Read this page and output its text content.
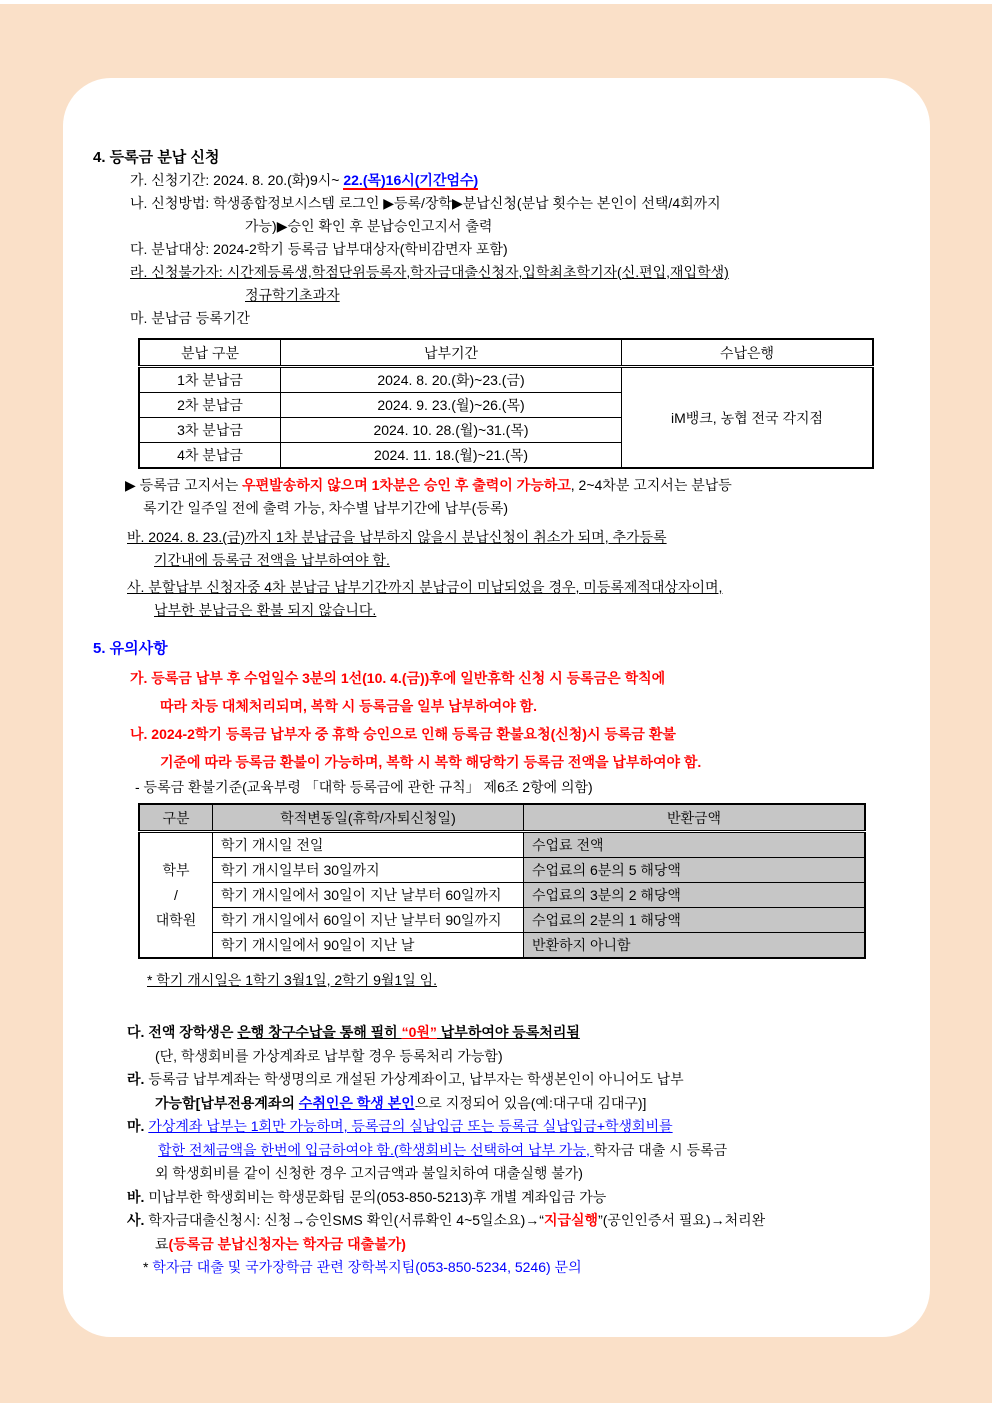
4. 등록금 분납 신청
가. 신청기간: 2024. 8. 20.(화)9시~ 22.(목)16시(기간엄수)
나. 신청방법: 학생종합정보시스템 로그인 ▶등록/장학▶분납신청(분납 횟수는 본인이 선택/4회까지
가능)▶승인 확인 후 분납승인고지서 출력
다. 분납대상: 2024-2학기 등록금 납부대상자(학비감면자 포함)
라. 신청불가자: 시간제등록생,학점단위등록자,학자금대출신청자,입학최초학기자(신.편입,재입학생)
정규학기초과자
마. 분납금 등록기간
분납 구분	납부기간	수납은행
1차 분납금	2024. 8. 20.(화)~23.(금)	iM뱅크, 농협 전국 각지점
2차 분납금	2024. 9. 23.(월)~26.(목)	
3차 분납금	2024. 10. 28.(월)~31.(목)	
4차 분납금	2024. 11. 18.(월)~21.(목)	
▶ 등록금 고지서는 우편발송하지 않으며 1차분은 승인 후 출력이 가능하고, 2~4차분 고지서는 분납등
록기간 일주일 전에 출력 가능, 차수별 납부기간에 납부(등록)
바. 2024. 8. 23.(금)까지 1차 분납금을 납부하지 않을시 분납신청이 취소가 되며, 추가등록
기간내에 등록금 전액을 납부하여야 함.
사. 분할납부 신청자중 4차 분납금 납부기간까지 분납금이 미납되었을 경우, 미등록제적대상자이며,
납부한 분납금은 환불 되지 않습니다.
5. 유의사항
가. 등록금 납부 후 수업일수 3분의 1선(10. 4.(금))후에 일반휴학 신청 시 등록금은 학칙에
따라 차등 대체처리되며, 복학 시 등록금을 일부 납부하여야 함.
나. 2024-2학기 등록금 납부자 중 휴학 승인으로 인해 등록금 환불요청(신청)시 등록금 환불
기준에 따라 등록금 환불이 가능하며, 복학 시 복학 해당학기 등록금 전액을 납부하여야 함.
- 등록금 환불기준(교육부령 「대학 등록금에 관한 규칙」 제6조 2항에 의함)
구분	학적변동일(휴학/자퇴신청일)	반환금액

학부
/
대학원	학기 개시일 전일	수업료 전액
	학기 개시일부터 30일까지	수업료의 6분의 5 해당액
	학기 개시일에서 30일이 지난 날부터 60일까지	수업료의 3분의 2 해당액
	학기 개시일에서 60일이 지난 날부터 90일까지	수업료의 2분의 1 해당액
	학기 개시일에서 90일이 지난 날	반환하지 아니함
* 학기 개시일은 1학기 3월1일, 2학기 9월1일 임.
다. 전액 장학생은 은행 창구수납을 통해 필히 “0원” 납부하여야 등록처리됨
(단, 학생회비를 가상계좌로 납부할 경우 등록처리 가능함)
라. 등록금 납부계좌는 학생명의로 개설된 가상계좌이고, 납부자는 학생본인이 아니어도 납부
가능함[납부전용계좌의 수취인은 학생 본인으로 지정되어 있음(예:대구대 김대구)]
마. 가상계좌 납부는 1회만 가능하며, 등록금의 실납입금 또는 등록금 실납입금+학생회비를
합한 전체금액을 한번에 입금하여야 함.(학생회비는 선택하여 납부 가능, 학자금 대출 시 등록금
외 학생회비를 같이 신청한 경우 고지금액과 불일치하여 대출실행 불가)
바. 미납부한 학생회비는 학생문화팀 문의(053-850-5213)후 개별 계좌입금 가능
사. 학자금대출신청시: 신청→승인SMS 확인(서류확인 4~5일소요)→“지급실행”(공인인증서 필요)→처리완
료(등록금 분납신청자는 학자금 대출불가)
* 학자금 대출 및 국가장학금 관련 장학복지팀(053-850-5234, 5246) 문의
